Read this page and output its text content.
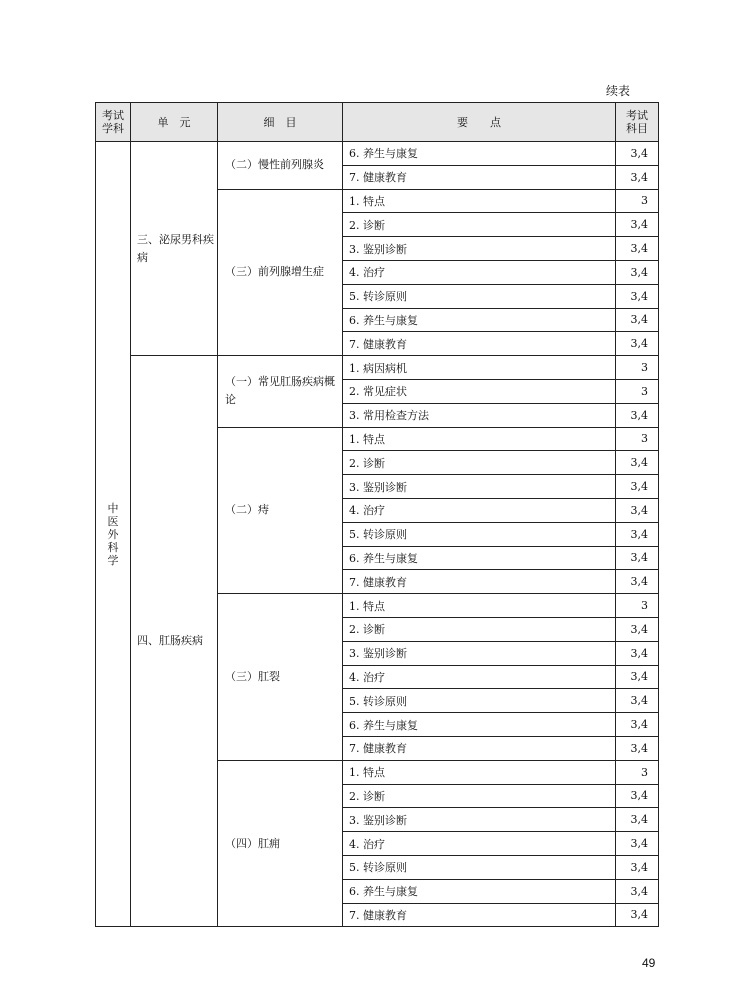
续表
考试学科	单　元	细　目	要　　点	考试科目
中医外科学	三、泌尿男科疾病	（二）慢性前列腺炎	6. 养生与康复	3,4
			7. 健康教育	3,4
		（三）前列腺增生症	1. 特点	3
			2. 诊断	3,4
			3. 鉴别诊断	3,4
			4. 治疗	3,4
			5. 转诊原则	3,4
			6. 养生与康复	3,4
			7. 健康教育	3,4
	四、肛肠疾病	（一）常见肛肠疾病概论	1. 病因病机	3
			2. 常见症状	3
			3. 常用检查方法	3,4
		（二）痔	1. 特点	3
			2. 诊断	3,4
			3. 鉴别诊断	3,4
			4. 治疗	3,4
			5. 转诊原则	3,4
			6. 养生与康复	3,4
			7. 健康教育	3,4
		（三）肛裂	1. 特点	3
			2. 诊断	3,4
			3. 鉴别诊断	3,4
			4. 治疗	3,4
			5. 转诊原则	3,4
			6. 养生与康复	3,4
			7. 健康教育	3,4
		（四）肛痈	1. 特点	3
			2. 诊断	3,4
			3. 鉴别诊断	3,4
			4. 治疗	3,4
			5. 转诊原则	3,4
			6. 养生与康复	3,4
			7. 健康教育	3,4
49
